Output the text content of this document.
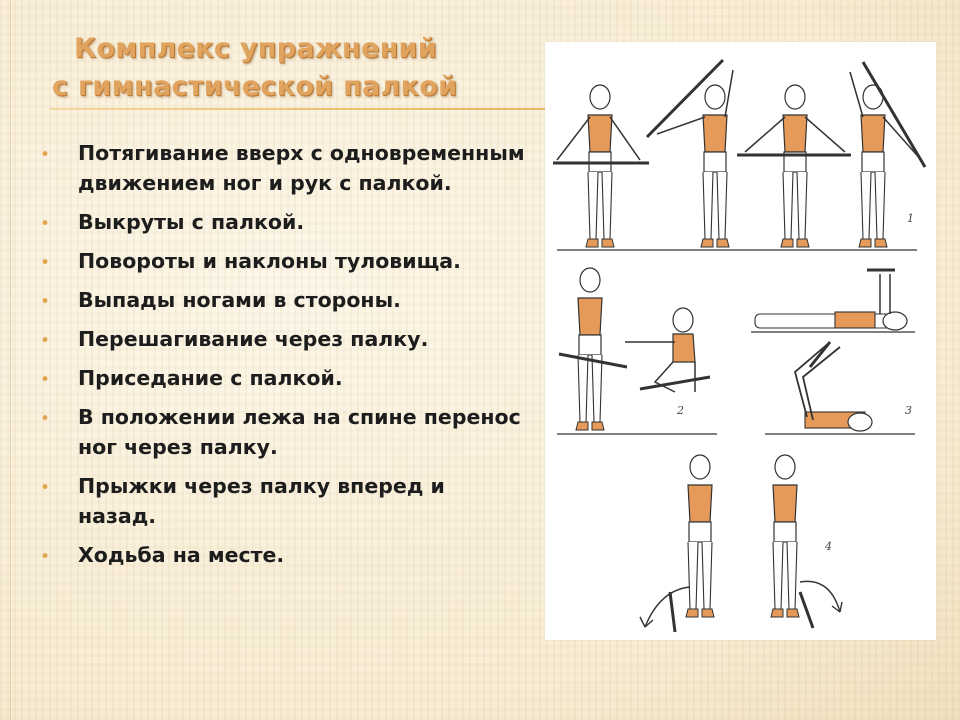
Комплекс упражнений
с гимнастической палкой
• Потягивание вверх с одновременным движением ног и рук с палкой.
• Выкруты с палкой.
• Повороты и наклоны туловища.
• Выпады ногами в стороны.
• Перешагивание через палку.
• Приседание с палкой.
• В положении лежа на спине перенос ног через палку.
• Прыжки через палку вперед и назад.
• Ходьба на месте.
1
2	3
4
